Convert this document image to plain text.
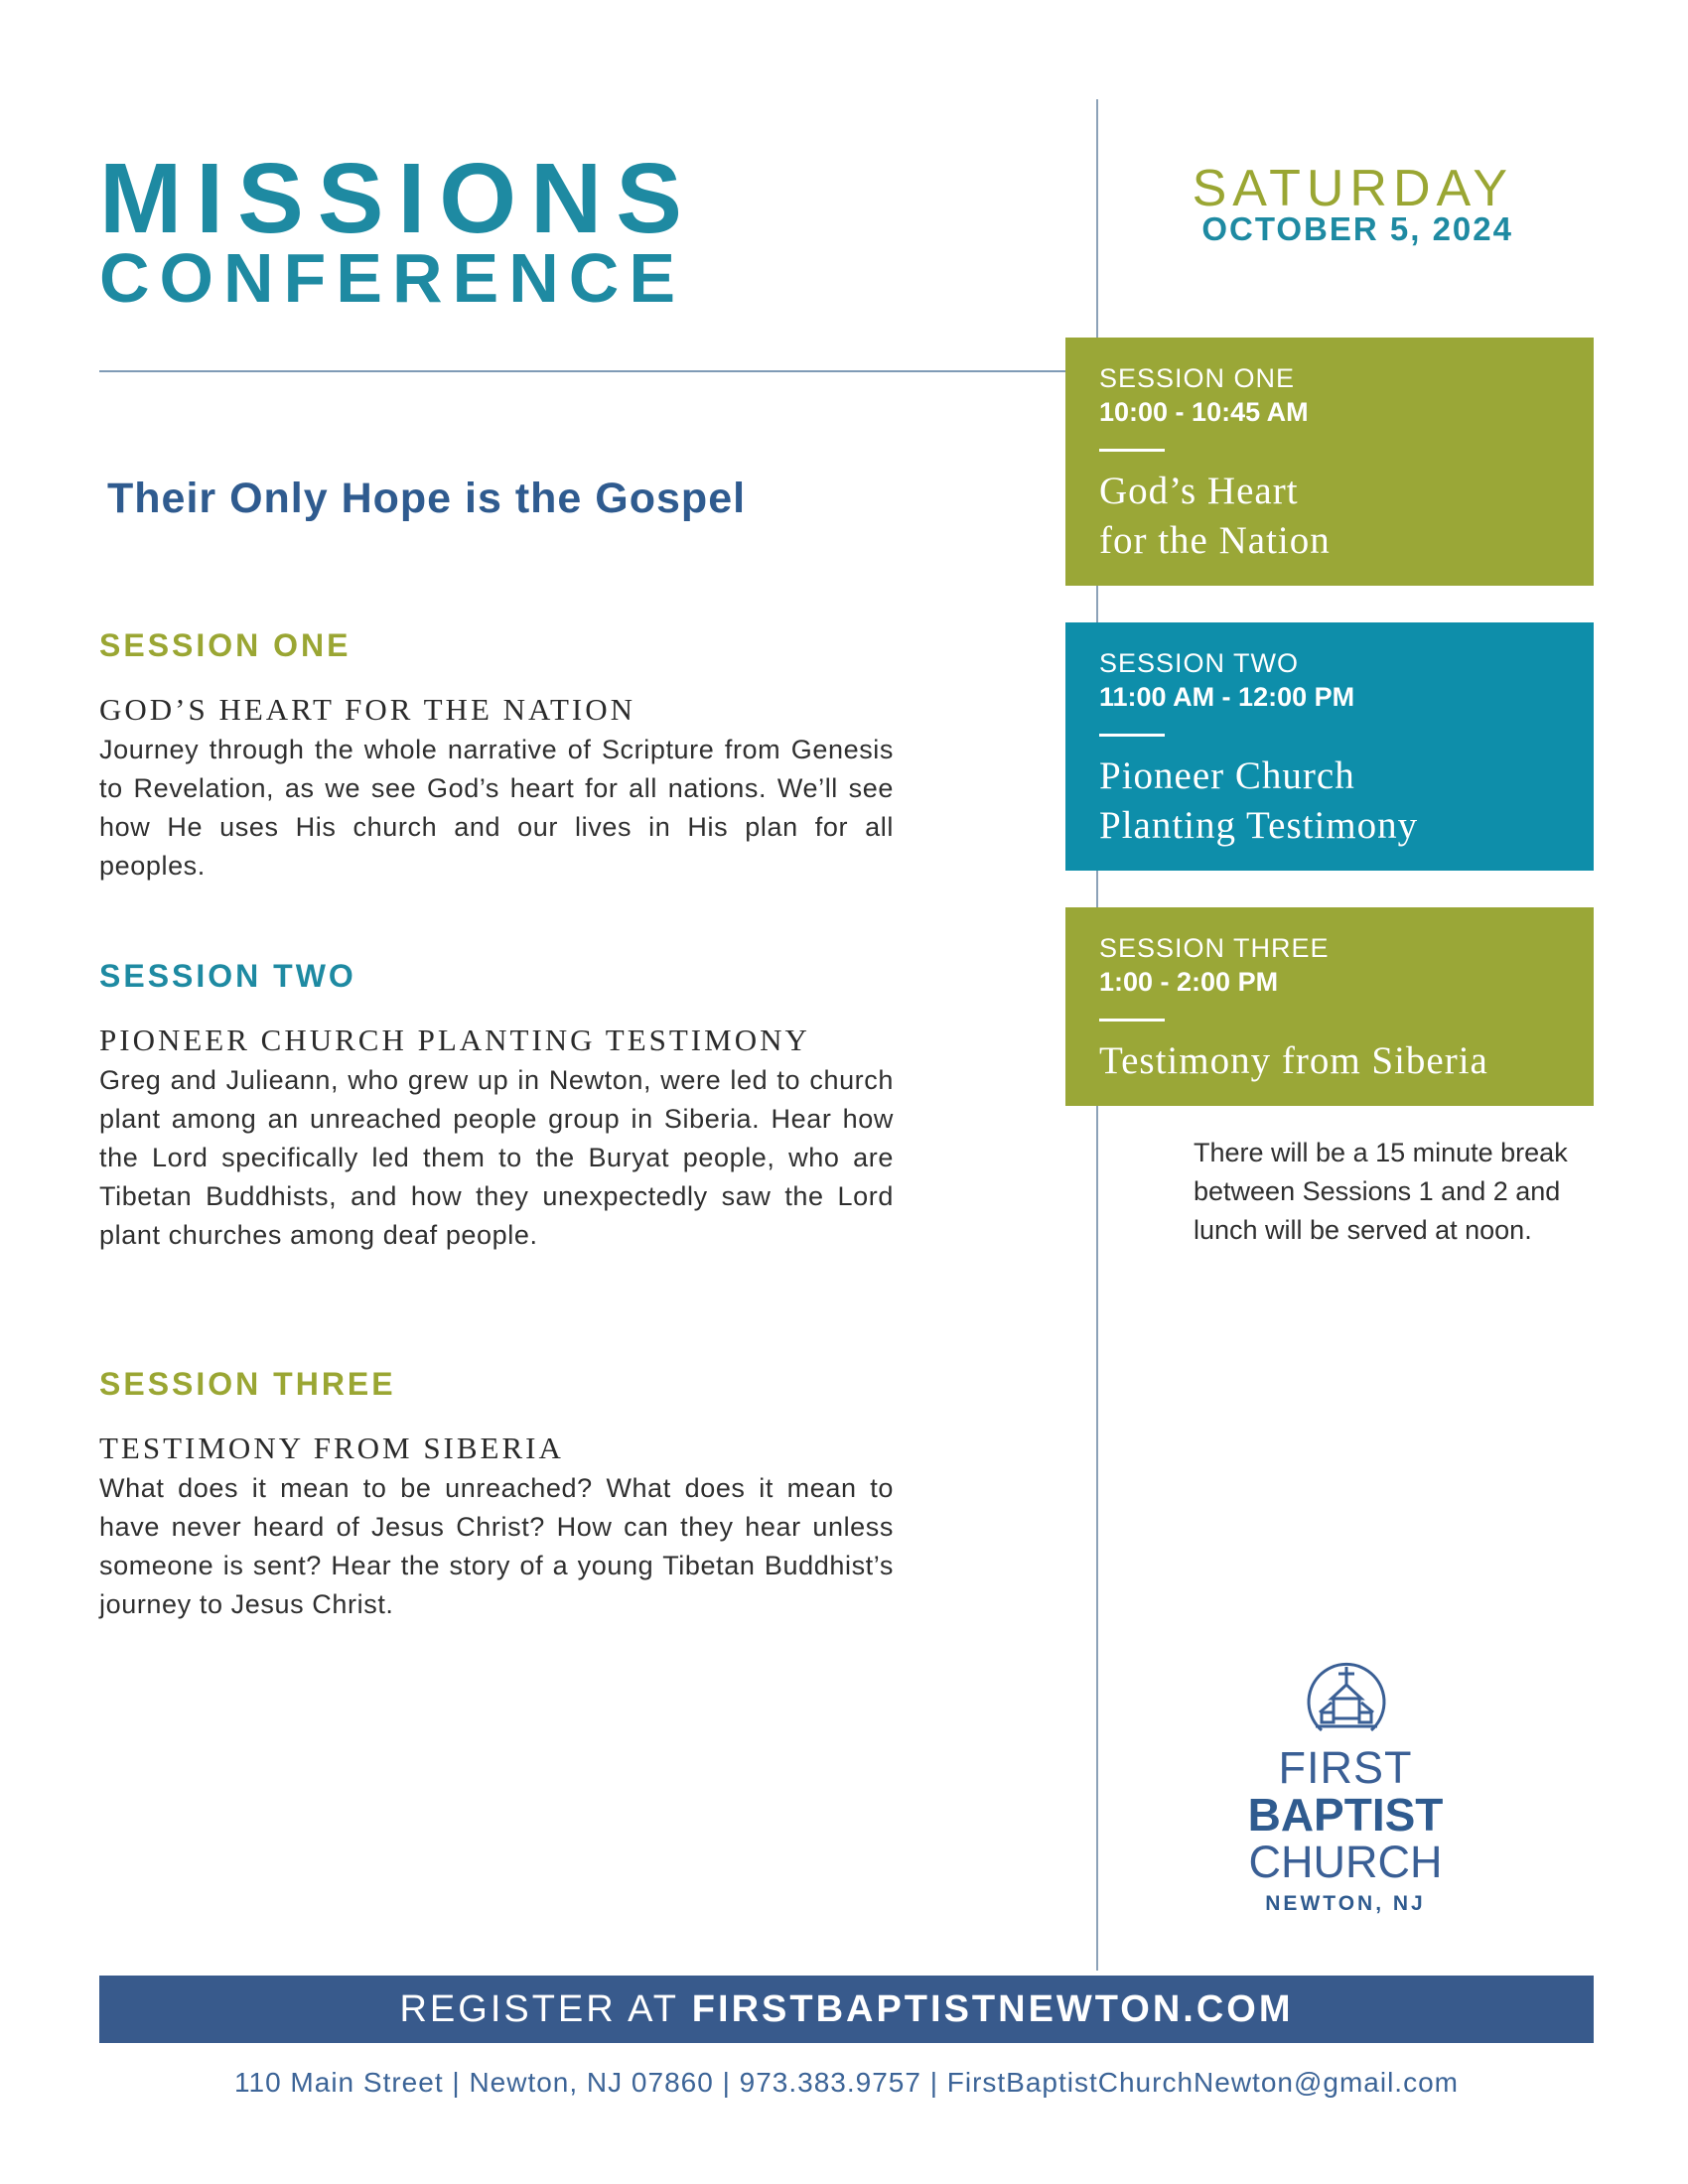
MISSIONS
CONFERENCE
Their Only Hope is the Gospel
SESSION ONE
GOD’S HEART FOR THE NATION
Journey through the whole narrative of Scripture from Genesis to Revelation, as we see God’s heart for all nations. We’ll see how He uses His church and our lives in His plan for all peoples.
SESSION TWO
PIONEER CHURCH PLANTING TESTIMONY
Greg and Julieann, who grew up in Newton, were led to church plant among an unreached people group in Siberia. Hear how the Lord specifically led them to the Buryat people, who are Tibetan Buddhists, and how they unexpectedly saw the Lord plant churches among deaf people.
SESSION THREE
TESTIMONY FROM SIBERIA
What does it mean to be unreached? What does it mean to have never heard of Jesus Christ? How can they hear unless someone is sent? Hear the story of a young Tibetan Buddhist’s journey to Jesus Christ.
SATURDAY
OCTOBER 5, 2024
SESSION ONE
10:00 - 10:45 AM
God’s Heart
for the Nation
SESSION TWO
11:00 AM - 12:00 PM
Pioneer Church
Planting Testimony
SESSION THREE
1:00 - 2:00 PM
Testimony from Siberia
There will be a 15 minute break between Sessions 1 and 2 and lunch will be served at noon.
FIRST
BAPTIST
CHURCH
NEWTON, NJ
REGISTER AT FIRSTBAPTISTNEWTON.COM
110 Main Street | Newton, NJ 07860 | 973.383.9757 | FirstBaptistChurchNewton@gmail.com
